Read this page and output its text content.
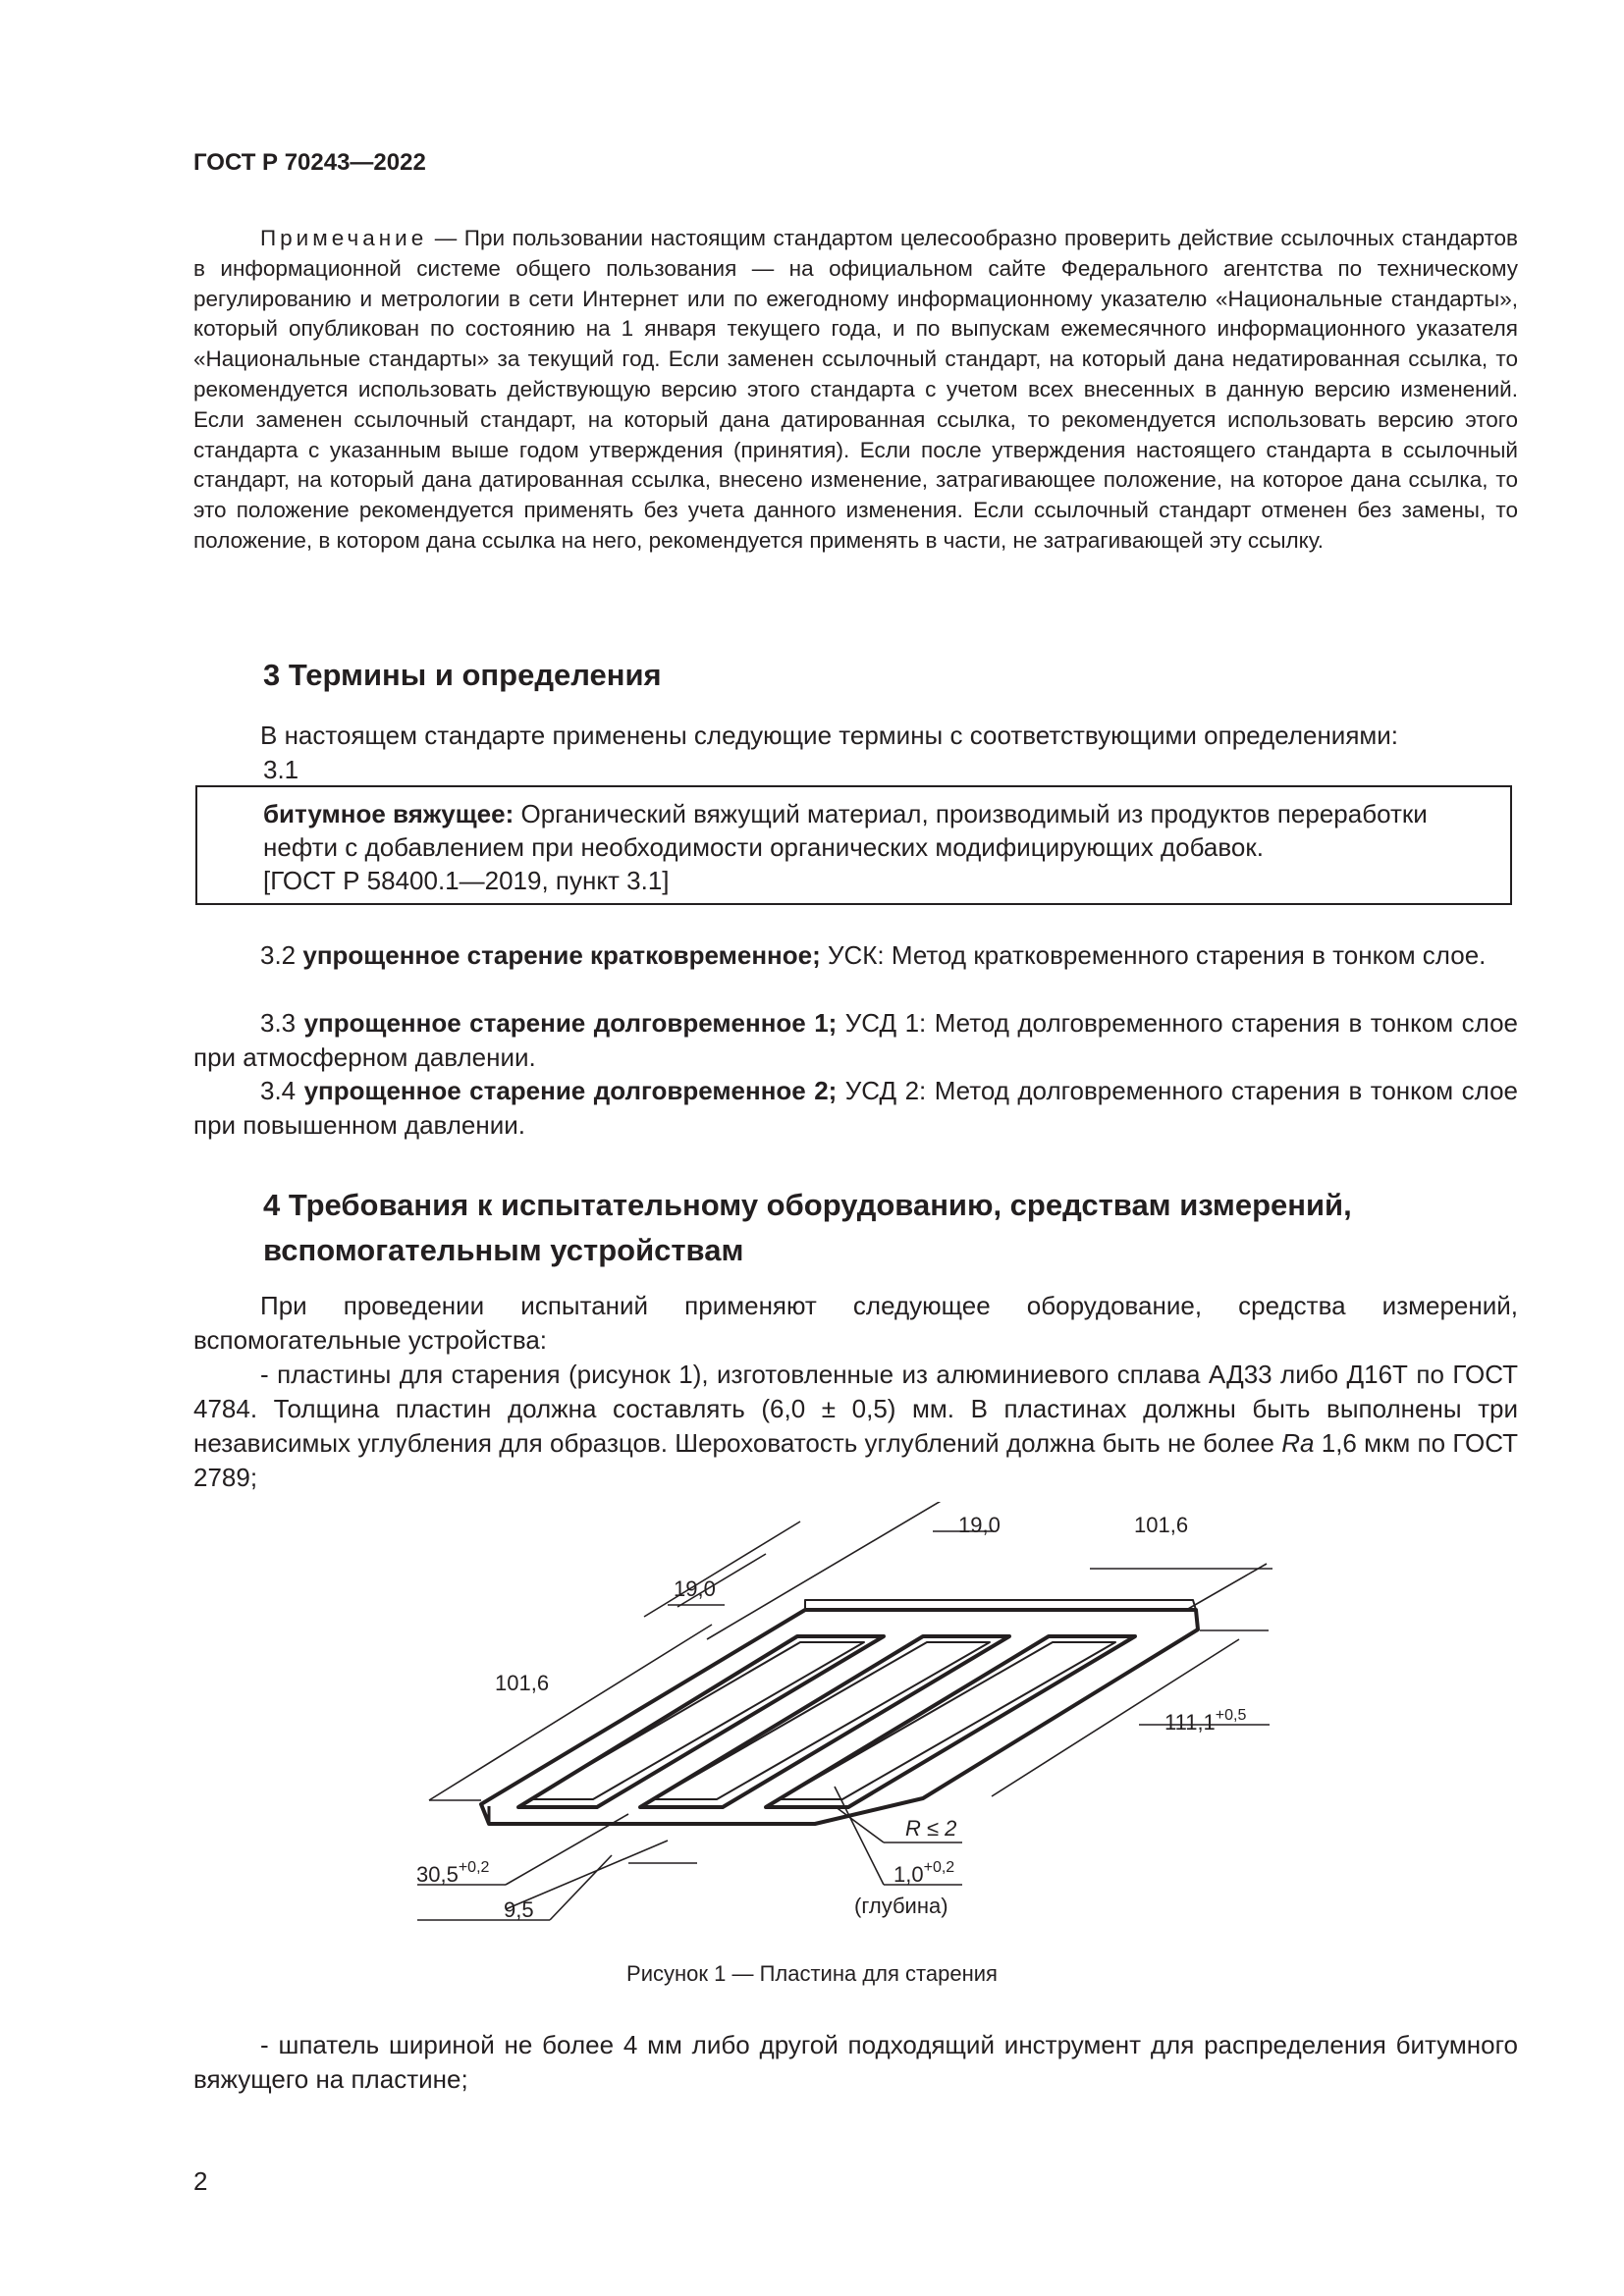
ГОСТ Р 70243—2022
Примечание — При пользовании настоящим стандартом целесообразно проверить действие ссылочных стандартов в информационной системе общего пользования — на официальном сайте Федерального агентства по техническому регулированию и метрологии в сети Интернет или по ежегодному информационному указателю «Национальные стандарты», который опубликован по состоянию на 1 января текущего года, и по выпускам ежемесячного информационного указателя «Национальные стандарты» за текущий год. Если заменен ссылочный стандарт, на который дана недатированная ссылка, то рекомендуется использовать действующую версию этого стандарта с учетом всех внесенных в данную версию изменений. Если заменен ссылочный стандарт, на который дана датированная ссылка, то рекомендуется использовать версию этого стандарта с указанным выше годом утверждения (принятия). Если после утверждения настоящего стандарта в ссылочный стандарт, на который дана датированная ссылка, внесено изменение, затрагивающее положение, на которое дана ссылка, то это положение рекомендуется применять без учета данного изменения. Если ссылочный стандарт отменен без замены, то положение, в котором дана ссылка на него, рекомендуется применять в части, не затрагивающей эту ссылку.
3 Термины и определения
В настоящем стандарте применены следующие термины с соответствующими определениями:
3.1
битумное вяжущее: Органический вяжущий материал, производимый из продуктов переработки нефти с добавлением при необходимости органических модифицирующих добавок.
[ГОСТ Р 58400.1—2019, пункт 3.1]
3.2 упрощенное старение кратковременное; УСК: Метод кратковременного старения в тонком слое.
3.3 упрощенное старение долговременное 1; УСД 1: Метод долговременного старения в тонком слое при атмосферном давлении.
3.4 упрощенное старение долговременное 2; УСД 2: Метод долговременного старения в тонком слое при повышенном давлении.
4 Требования к испытательному оборудованию, средствам измерений,
вспомогательным устройствам
При проведении испытаний применяют следующее оборудование, средства измерений, вспомогательные устройства:
- пластины для старения (рисунок 1), изготовленные из алюминиевого сплава АД33 либо Д16Т по ГОСТ 4784. Толщина пластин должна составлять (6,0 ± 0,5) мм. В пластинах должны быть выполнены три независимых углубления для образцов. Шероховатость углублений должна быть не более Ra 1,6 мкм по ГОСТ 2789;
19,0	101,6
19,0
101,6
$111,1^{+0,5}$
R ≤ 2
$30,5^{+0,2}$	$1,0^{+0,2}$
(глубина)
9,5
Рисунок 1 — Пластина для старения
- шпатель шириной не более 4 мм либо другой подходящий инструмент для распределения битумного вяжущего на пластине;
2
